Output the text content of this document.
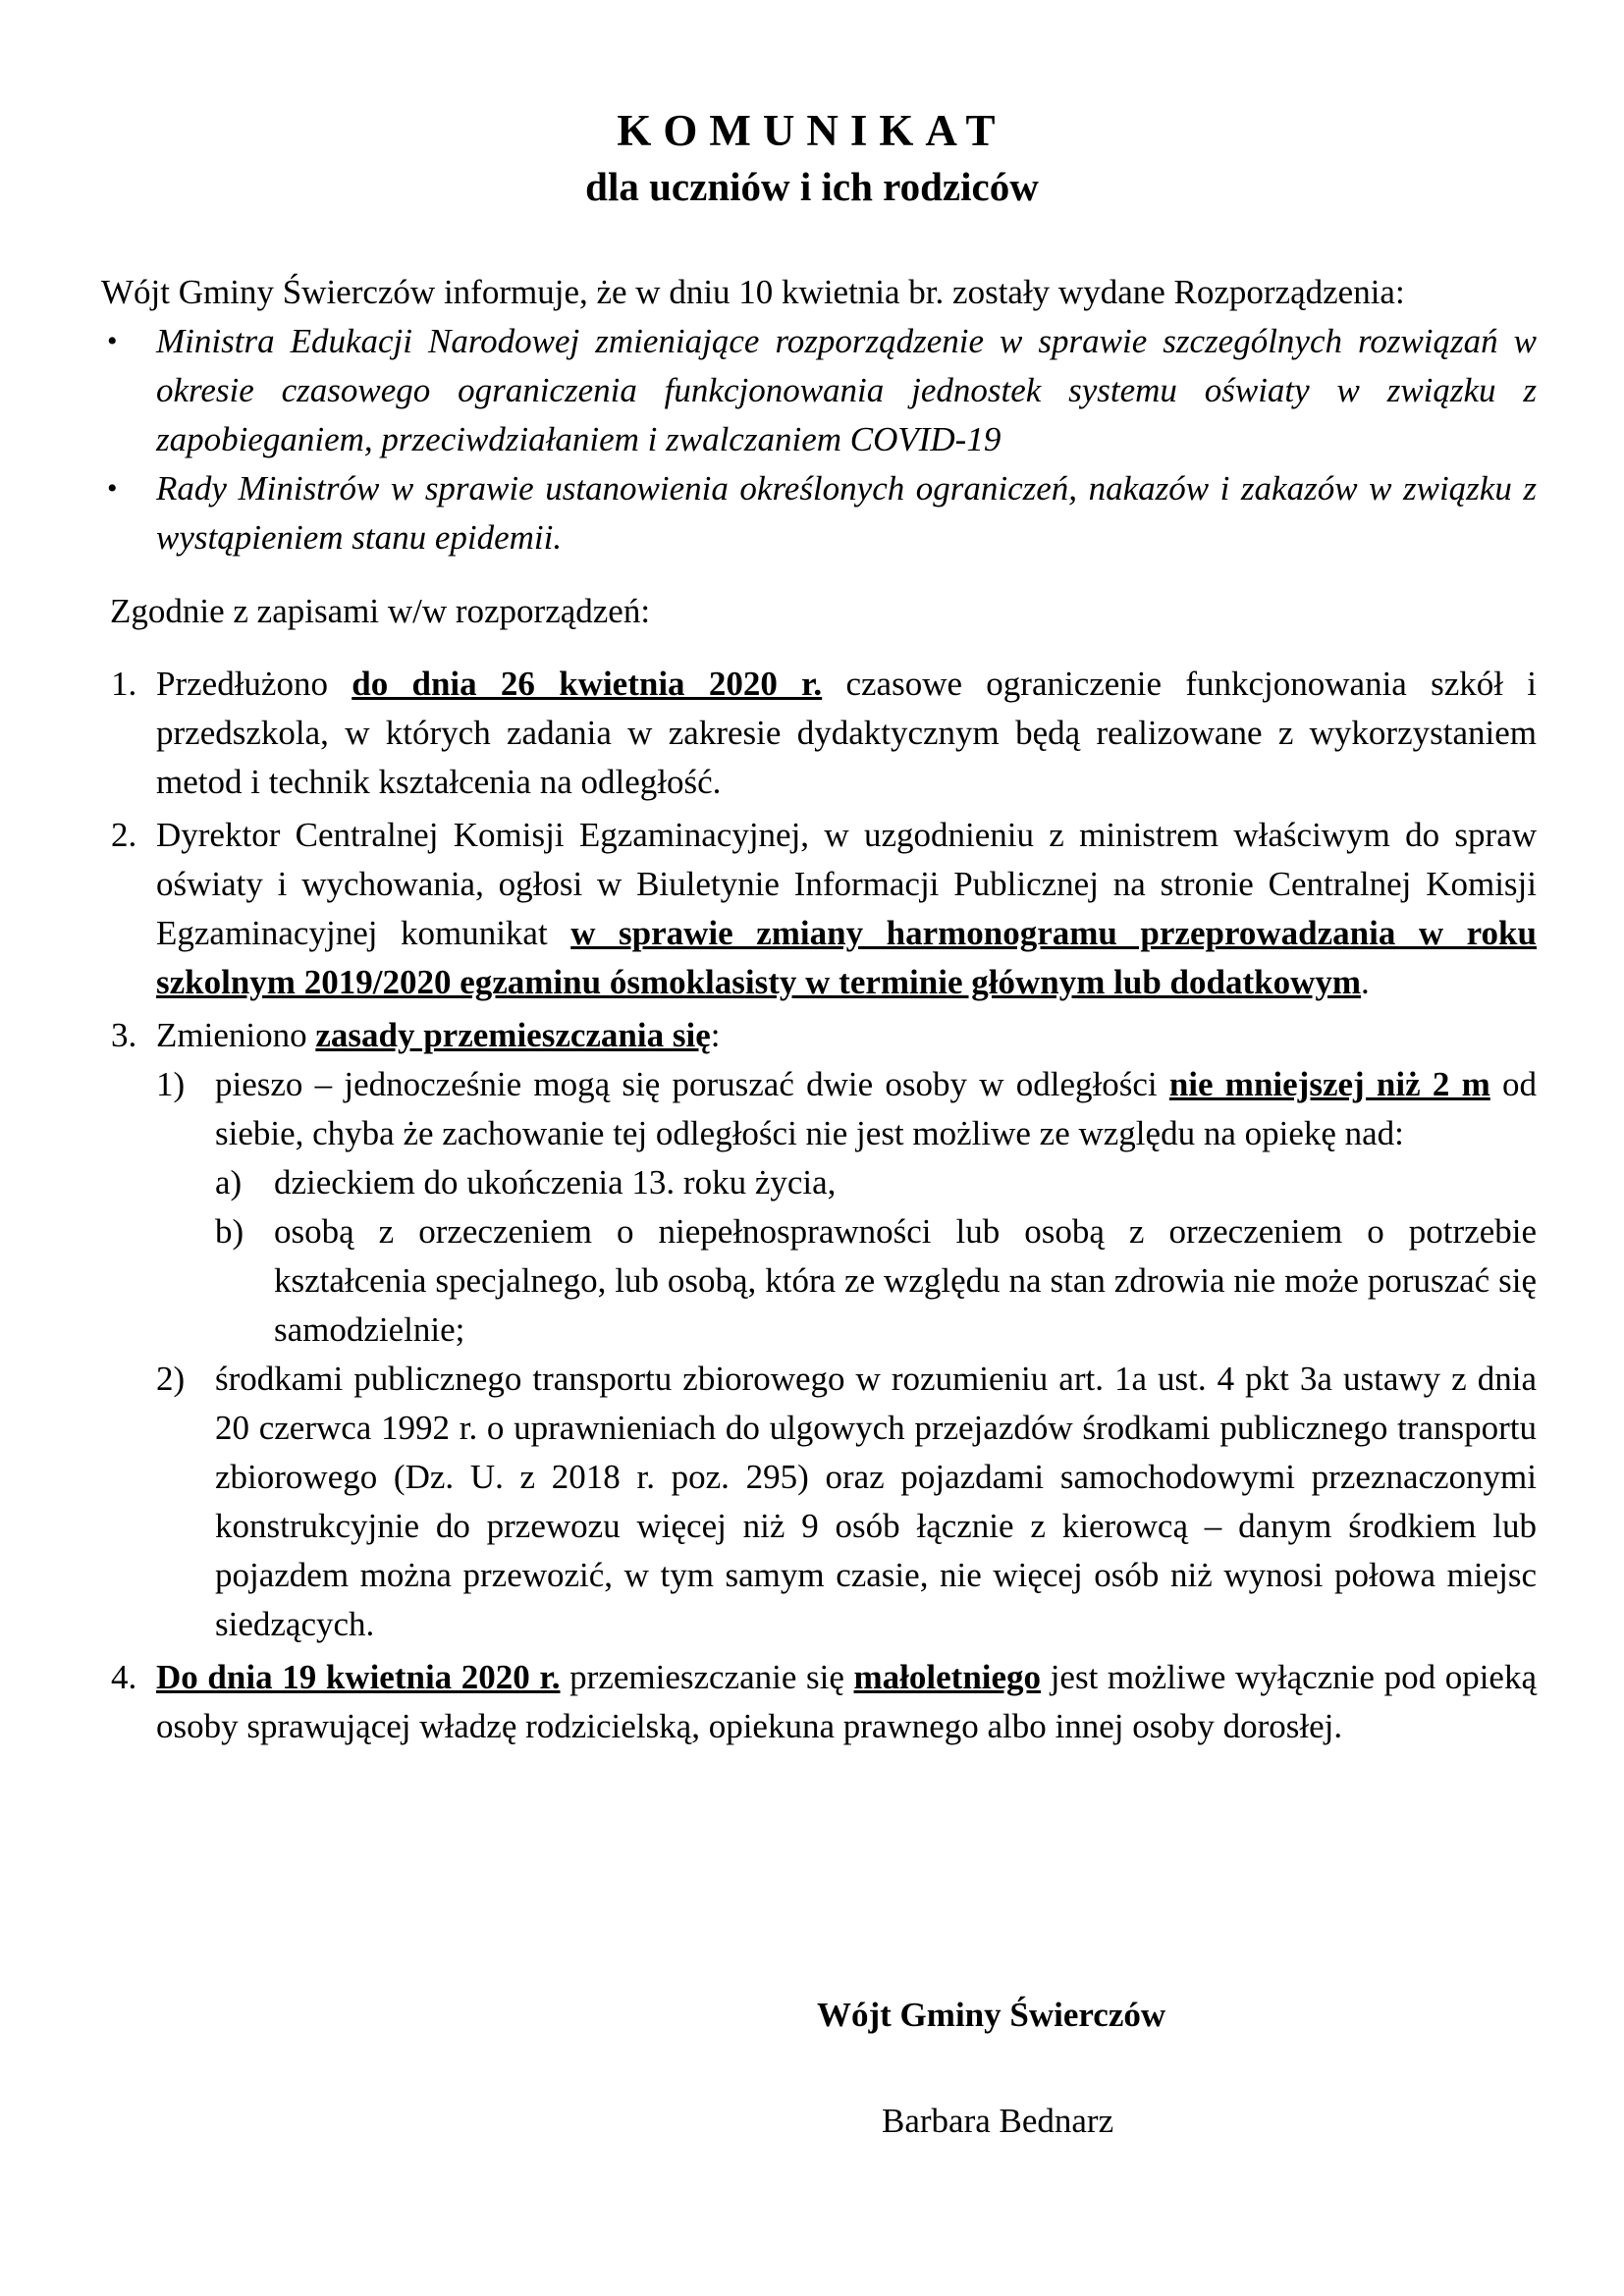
KOMUNIKAT
dla uczniów i ich rodziców
Wójt Gminy Świerczów informuje, że w dniu 10 kwietnia br. zostały wydane Rozporządzenia:
• Ministra Edukacji Narodowej zmieniające rozporządzenie w sprawie szczególnych rozwiązań w okresie czasowego ograniczenia funkcjonowania jednostek systemu oświaty w związku z zapobieganiem, przeciwdziałaniem i zwalczaniem COVID-19
• Rady Ministrów w sprawie ustanowienia określonych ograniczeń, nakazów i zakazów w związku z wystąpieniem stanu epidemii.
Zgodnie z zapisami w/w rozporządzeń:
1. Przedłużono do dnia 26 kwietnia 2020 r. czasowe ograniczenie funkcjonowania szkół i przedszkola, w których zadania w zakresie dydaktycznym będą realizowane z wykorzystaniem metod i technik kształcenia na odległość.
2. Dyrektor Centralnej Komisji Egzaminacyjnej, w uzgodnieniu z ministrem właściwym do spraw oświaty i wychowania, ogłosi w Biuletynie Informacji Publicznej na stronie Centralnej Komisji Egzaminacyjnej komunikat w sprawie zmiany harmonogramu przeprowadzania w roku szkolnym 2019/2020 egzaminu ósmoklasisty w terminie głównym lub dodatkowym.
3. Zmieniono zasady przemieszczania się:
1) pieszo – jednocześnie mogą się poruszać dwie osoby w odległości nie mniejszej niż 2 m od siebie, chyba że zachowanie tej odległości nie jest możliwe ze względu na opiekę nad:
a) dzieckiem do ukończenia 13. roku życia,
b) osobą z orzeczeniem o niepełnosprawności lub osobą z orzeczeniem o potrzebie kształcenia specjalnego, lub osobą, która ze względu na stan zdrowia nie może poruszać się samodzielnie;
2) środkami publicznego transportu zbiorowego w rozumieniu art. 1a ust. 4 pkt 3a ustawy z dnia 20 czerwca 1992 r. o uprawnieniach do ulgowych przejazdów środkami publicznego transportu zbiorowego (Dz. U. z 2018 r. poz. 295) oraz pojazdami samochodowymi przeznaczonymi konstrukcyjnie do przewozu więcej niż 9 osób łącznie z kierowcą – danym środkiem lub pojazdem można przewozić, w tym samym czasie, nie więcej osób niż wynosi połowa miejsc siedzących.
4. Do dnia 19 kwietnia 2020 r. przemieszczanie się małoletniego jest możliwe wyłącznie pod opieką osoby sprawującej władzę rodzicielską, opiekuna prawnego albo innej osoby dorosłej.
Wójt Gminy Świerczów
Barbara Bednarz
